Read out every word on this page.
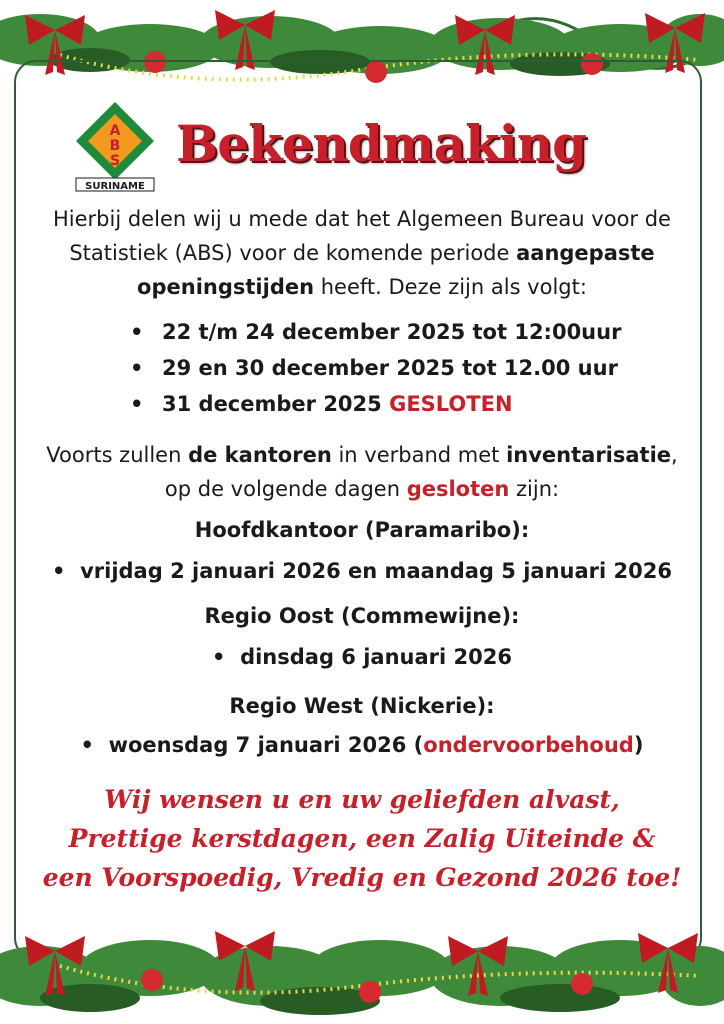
A
B
S
SURINAME
Bekendmaking
Hierbij delen wij u mede dat het Algemeen Bureau voor de Statistiek (ABS) voor de komende periode aangepaste openingstijden heeft. Deze zijn als volgt:
• 22 t/m 24 december 2025 tot 12:00uur
• 29 en 30 december 2025 tot 12.00 uur
• 31 december 2025 GESLOTEN
Voorts zullen de kantoren in verband met inventarisatie, op de volgende dagen gesloten zijn:
Hoofdkantoor (Paramaribo):
• vrijdag 2 januari 2026 en maandag 5 januari 2026
Regio Oost (Commewijne):
• dinsdag 6 januari 2026
Regio West (Nickerie):
• woensdag 7 januari 2026 (ondervoorbehoud)
Wij wensen u en uw geliefden alvast,
Prettige kerstdagen, een Zalig Uiteinde &
een Voorspoedig, Vredig en Gezond 2026 toe!
